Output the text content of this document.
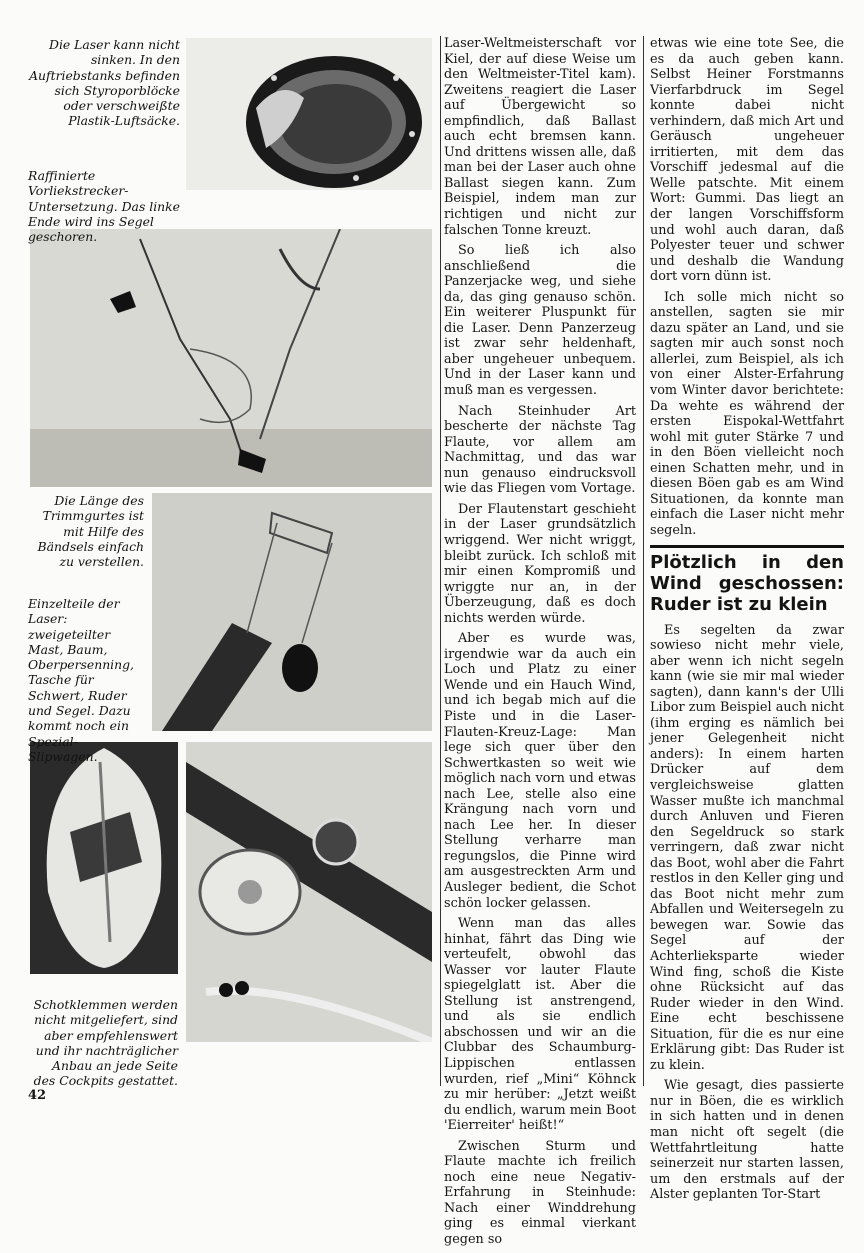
Die Laser kann nicht sinken. In den Auftriebstanks befinden sich Styroporblöcke oder verschweißte Plastik-Luftsäcke.
Raffinierte Vorliekstrecker-Untersetzung. Das linke Ende wird ins Segel geschoren.
Die Länge des Trimmgurtes ist mit Hilfe des Bändsels einfach zu verstellen.
Einzelteile der Laser: zweigeteilter Mast, Baum, Oberpersenning, Tasche für Schwert, Ruder und Segel. Dazu kommt noch ein Spezial-Slipwagen.
Schotklemmen werden nicht mitgeliefert, sind aber empfehlenswert und ihr nachträglicher Anbau an jede Seite des Cockpits gestattet.

Laser-Weltmeisterschaft vor Kiel, der auf diese Weise um den Weltmeister-Titel kam). Zweitens reagiert die Laser auf Übergewicht so empfindlich, daß Ballast auch echt bremsen kann. Und drittens wissen alle, daß man bei der Laser auch ohne Ballast siegen kann. Zum Beispiel, indem man zur richtigen und nicht zur falschen Tonne kreuzt.

So ließ ich also anschließend die Panzerjacke weg, und siehe da, das ging genauso schön. Ein weiterer Pluspunkt für die Laser. Denn Panzerzeug ist zwar sehr heldenhaft, aber ungeheuer unbequem. Und in der Laser kann und muß man es vergessen.

Nach Steinhuder Art bescherte der nächste Tag Flaute, vor allem am Nachmittag, und das war nun genauso eindrucksvoll wie das Fliegen vom Vortage.

Der Flautenstart geschieht in der Laser grundsätzlich wriggend. Wer nicht wriggt, bleibt zurück. Ich schloß mit mir einen Kompromiß und wriggte nur an, in der Überzeugung, daß es doch nichts werden würde.

Aber es wurde was, irgendwie war da auch ein Loch und Platz zu einer Wende und ein Hauch Wind, und ich begab mich auf die Piste und in die Laser-Flauten-Kreuz-Lage: Man lege sich quer über den Schwertkasten so weit wie möglich nach vorn und etwas nach Lee, stelle also eine Krängung nach vorn und nach Lee her. In dieser Stellung verharre man regungslos, die Pinne wird am ausgestreckten Arm und Ausleger bedient, die Schot schön locker gelassen.

Wenn man das alles hinhat, fährt das Ding wie verteufelt, obwohl das Wasser vor lauter Flaute spiegelglatt ist. Aber die Stellung ist anstrengend, und als sie endlich abschossen und wir an die Clubbar des Schaumburg-Lippischen entlassen wurden, rief „Mini“ Köhnck zu mir herüber: „Jetzt weißt du endlich, warum mein Boot 'Eierreiter' heißt!“

Zwischen Sturm und Flaute machte ich freilich noch eine neue Negativ-Erfahrung in Steinhude: Nach einer Winddrehung ging es einmal vierkant gegen so

etwas wie eine tote See, die es da auch geben kann. Selbst Heiner Forstmanns Vierfarbdruck im Segel konnte dabei nicht verhindern, daß mich Art und Geräusch ungeheuer irritierten, mit dem das Vorschiff jedesmal auf die Welle patschte. Mit einem Wort: Gummi. Das liegt an der langen Vorschiffsform und wohl auch daran, daß Polyester teuer und schwer und deshalb die Wandung dort vorn dünn ist.

Ich solle mich nicht so anstellen, sagten sie mir dazu später an Land, und sie sagten mir auch sonst noch allerlei, zum Beispiel, als ich von einer Alster-Erfahrung vom Winter davor berichtete: Da wehte es während der ersten Eispokal-Wettfahrt wohl mit guter Stärke 7 und in den Böen vielleicht noch einen Schatten mehr, und in diesen Böen gab es am Wind Situationen, da konnte man einfach die Laser nicht mehr segeln.

Plötzlich in den Wind geschossen: Ruder ist zu klein

Es segelten da zwar sowieso nicht mehr viele, aber wenn ich nicht segeln kann (wie sie mir mal wieder sagten), dann kann's der Ulli Libor zum Beispiel auch nicht (ihm erging es nämlich bei jener Gelegenheit nicht anders): In einem harten Drücker auf dem vergleichsweise glatten Wasser mußte ich manchmal durch Anluven und Fieren den Segeldruck so stark verringern, daß zwar nicht das Boot, wohl aber die Fahrt restlos in den Keller ging und das Boot nicht mehr zum Abfallen und Weitersegeln zu bewegen war. Sowie das Segel auf der Achterlieksparte wieder Wind fing, schoß die Kiste ohne Rücksicht auf das Ruder wieder in den Wind. Eine echt beschissene Situation, für die es nur eine Erklärung gibt: Das Ruder ist zu klein.

Wie gesagt, dies passierte nur in Böen, die es wirklich in sich hatten und in denen man nicht oft segelt (die Wettfahrtleitung hatte seinerzeit nur starten lassen, um den erstmals auf der Alster geplanten Tor-Start

42
